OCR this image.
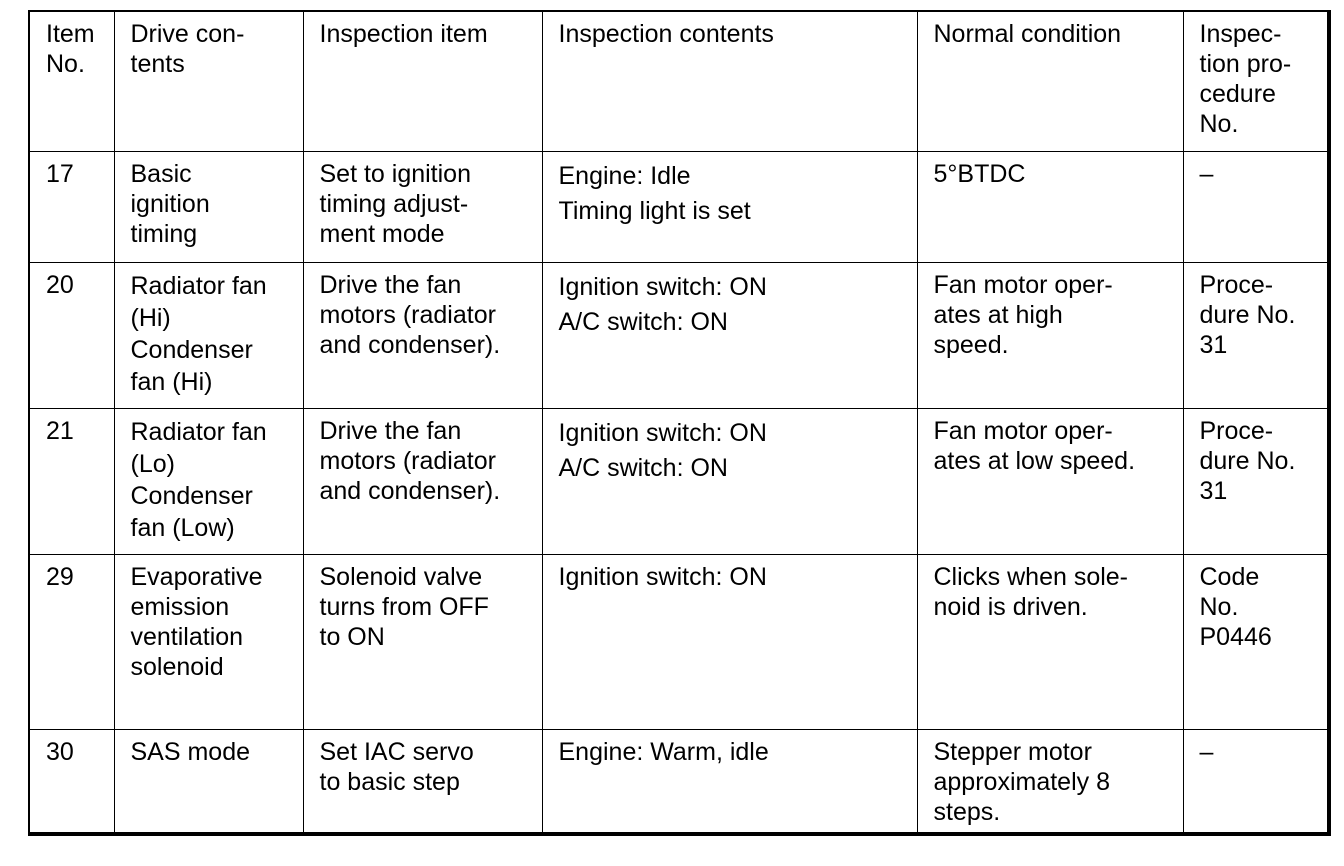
Item
No.	Drive con-
tents	Inspection item	Inspection contents	Normal condition	Inspec-
tion pro-
cedure
No.
17	Basic
ignition
timing	Set to ignition
timing adjust-
ment mode	Engine: Idle
Timing light is set	5°BTDC	–
20	Radiator fan
(Hi)
Condenser
fan (Hi)	Drive the fan
motors (radiator
and condenser).	Ignition switch: ON
A/C switch: ON	Fan motor oper-
ates at high
speed.	Proce-
dure No.
31
21	Radiator fan
(Lo)
Condenser
fan (Low)	Drive the fan
motors (radiator
and condenser).	Ignition switch: ON
A/C switch: ON	Fan motor oper-
ates at low speed.	Proce-
dure No.
31
29	Evaporative
emission
ventilation
solenoid	Solenoid valve
turns from OFF
to ON	Ignition switch: ON	Clicks when sole-
noid is driven.	Code
No.
P0446
30	SAS mode	Set IAC servo
to basic step	Engine: Warm, idle	Stepper motor
approximately 8
steps.	–
